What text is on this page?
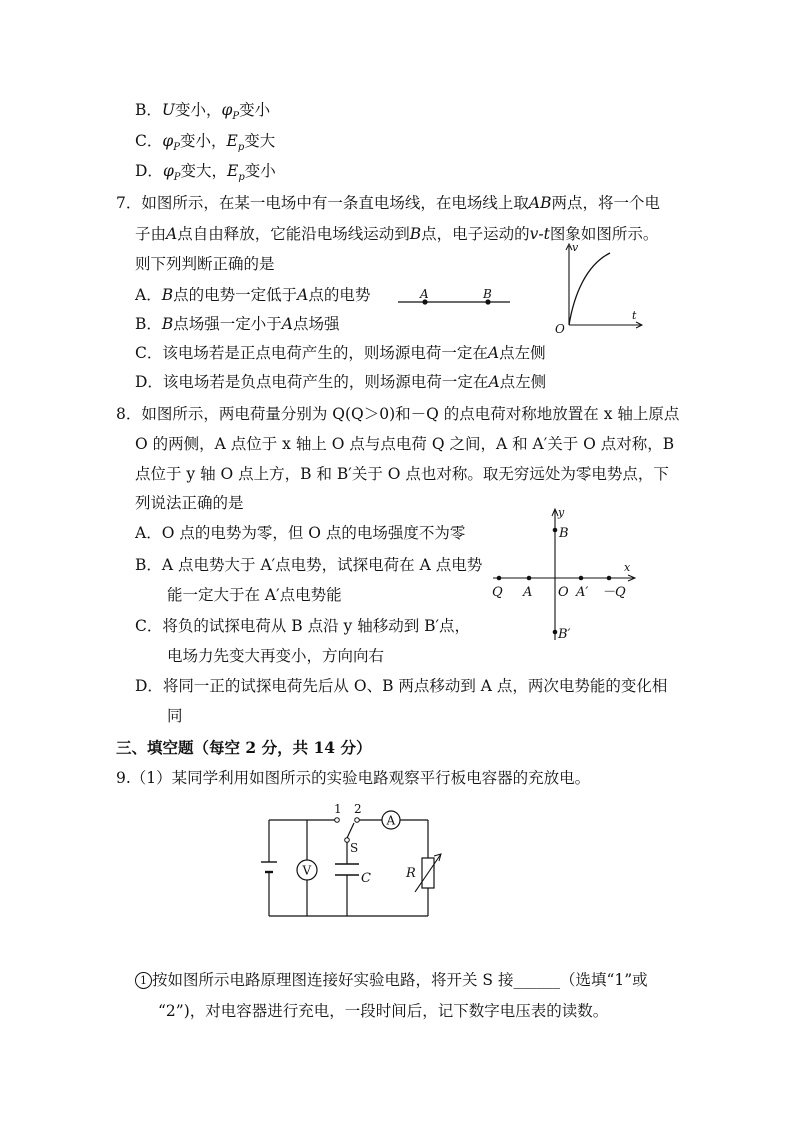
B．U变小，$\varphi_P$变小
C．$\varphi_P$变小，$E_p$变大
D．$\varphi_P$变大，$E_p$变小
7．如图所示，在某一电场中有一条直电场线，在电场线上取AB两点，将一个电
子由A点自由释放，它能沿电场线运动到B点，电子运动的v-t图象如图所示。
则下列判断正确的是
A．B点的电势一定低于A点的电势
B．B点场强一定小于A点场强
C．该电场若是正点电荷产生的，则场源电荷一定在A点左侧
D．该电场若是负点电荷产生的，则场源电荷一定在A点左侧
A	B
v
t
O
8．如图所示，两电荷量分别为 Q(Q＞0)和－Q 的点电荷对称地放置在 x 轴上原点
O 的两侧，A 点位于 x 轴上 O 点与点电荷 Q 之间，A 和 A′关于 O 点对称，B
点位于 y 轴 O 点上方，B 和 B′关于 O 点也对称。取无穷远处为零电势点，下
列说法正确的是
A．O 点的电势为零，但 O 点的电场强度不为零
B．A 点电势大于 A′点电势，试探电荷在 A 点电势
能一定大于在 A′点电势能
C．将负的试探电荷从 B 点沿 y 轴移动到 B′点，
电场力先变大再变小，方向向右
D．将同一正的试探电荷先后从 O、B 两点移动到 A 点，两次电势能的变化相
同
y
x
B
B′
Q A O A′ －Q
三、填空题（每空 2 分，共 14 分）
9.（1）某同学利用如图所示的实验电路观察平行板电容器的充放电。
V
A
1 2
S
C	R
1 按如图所示电路原理图连接好实验电路，将开关 S 接______（选填“1”或
“2”)，对电容器进行充电，一段时间后，记下数字电压表的读数。
